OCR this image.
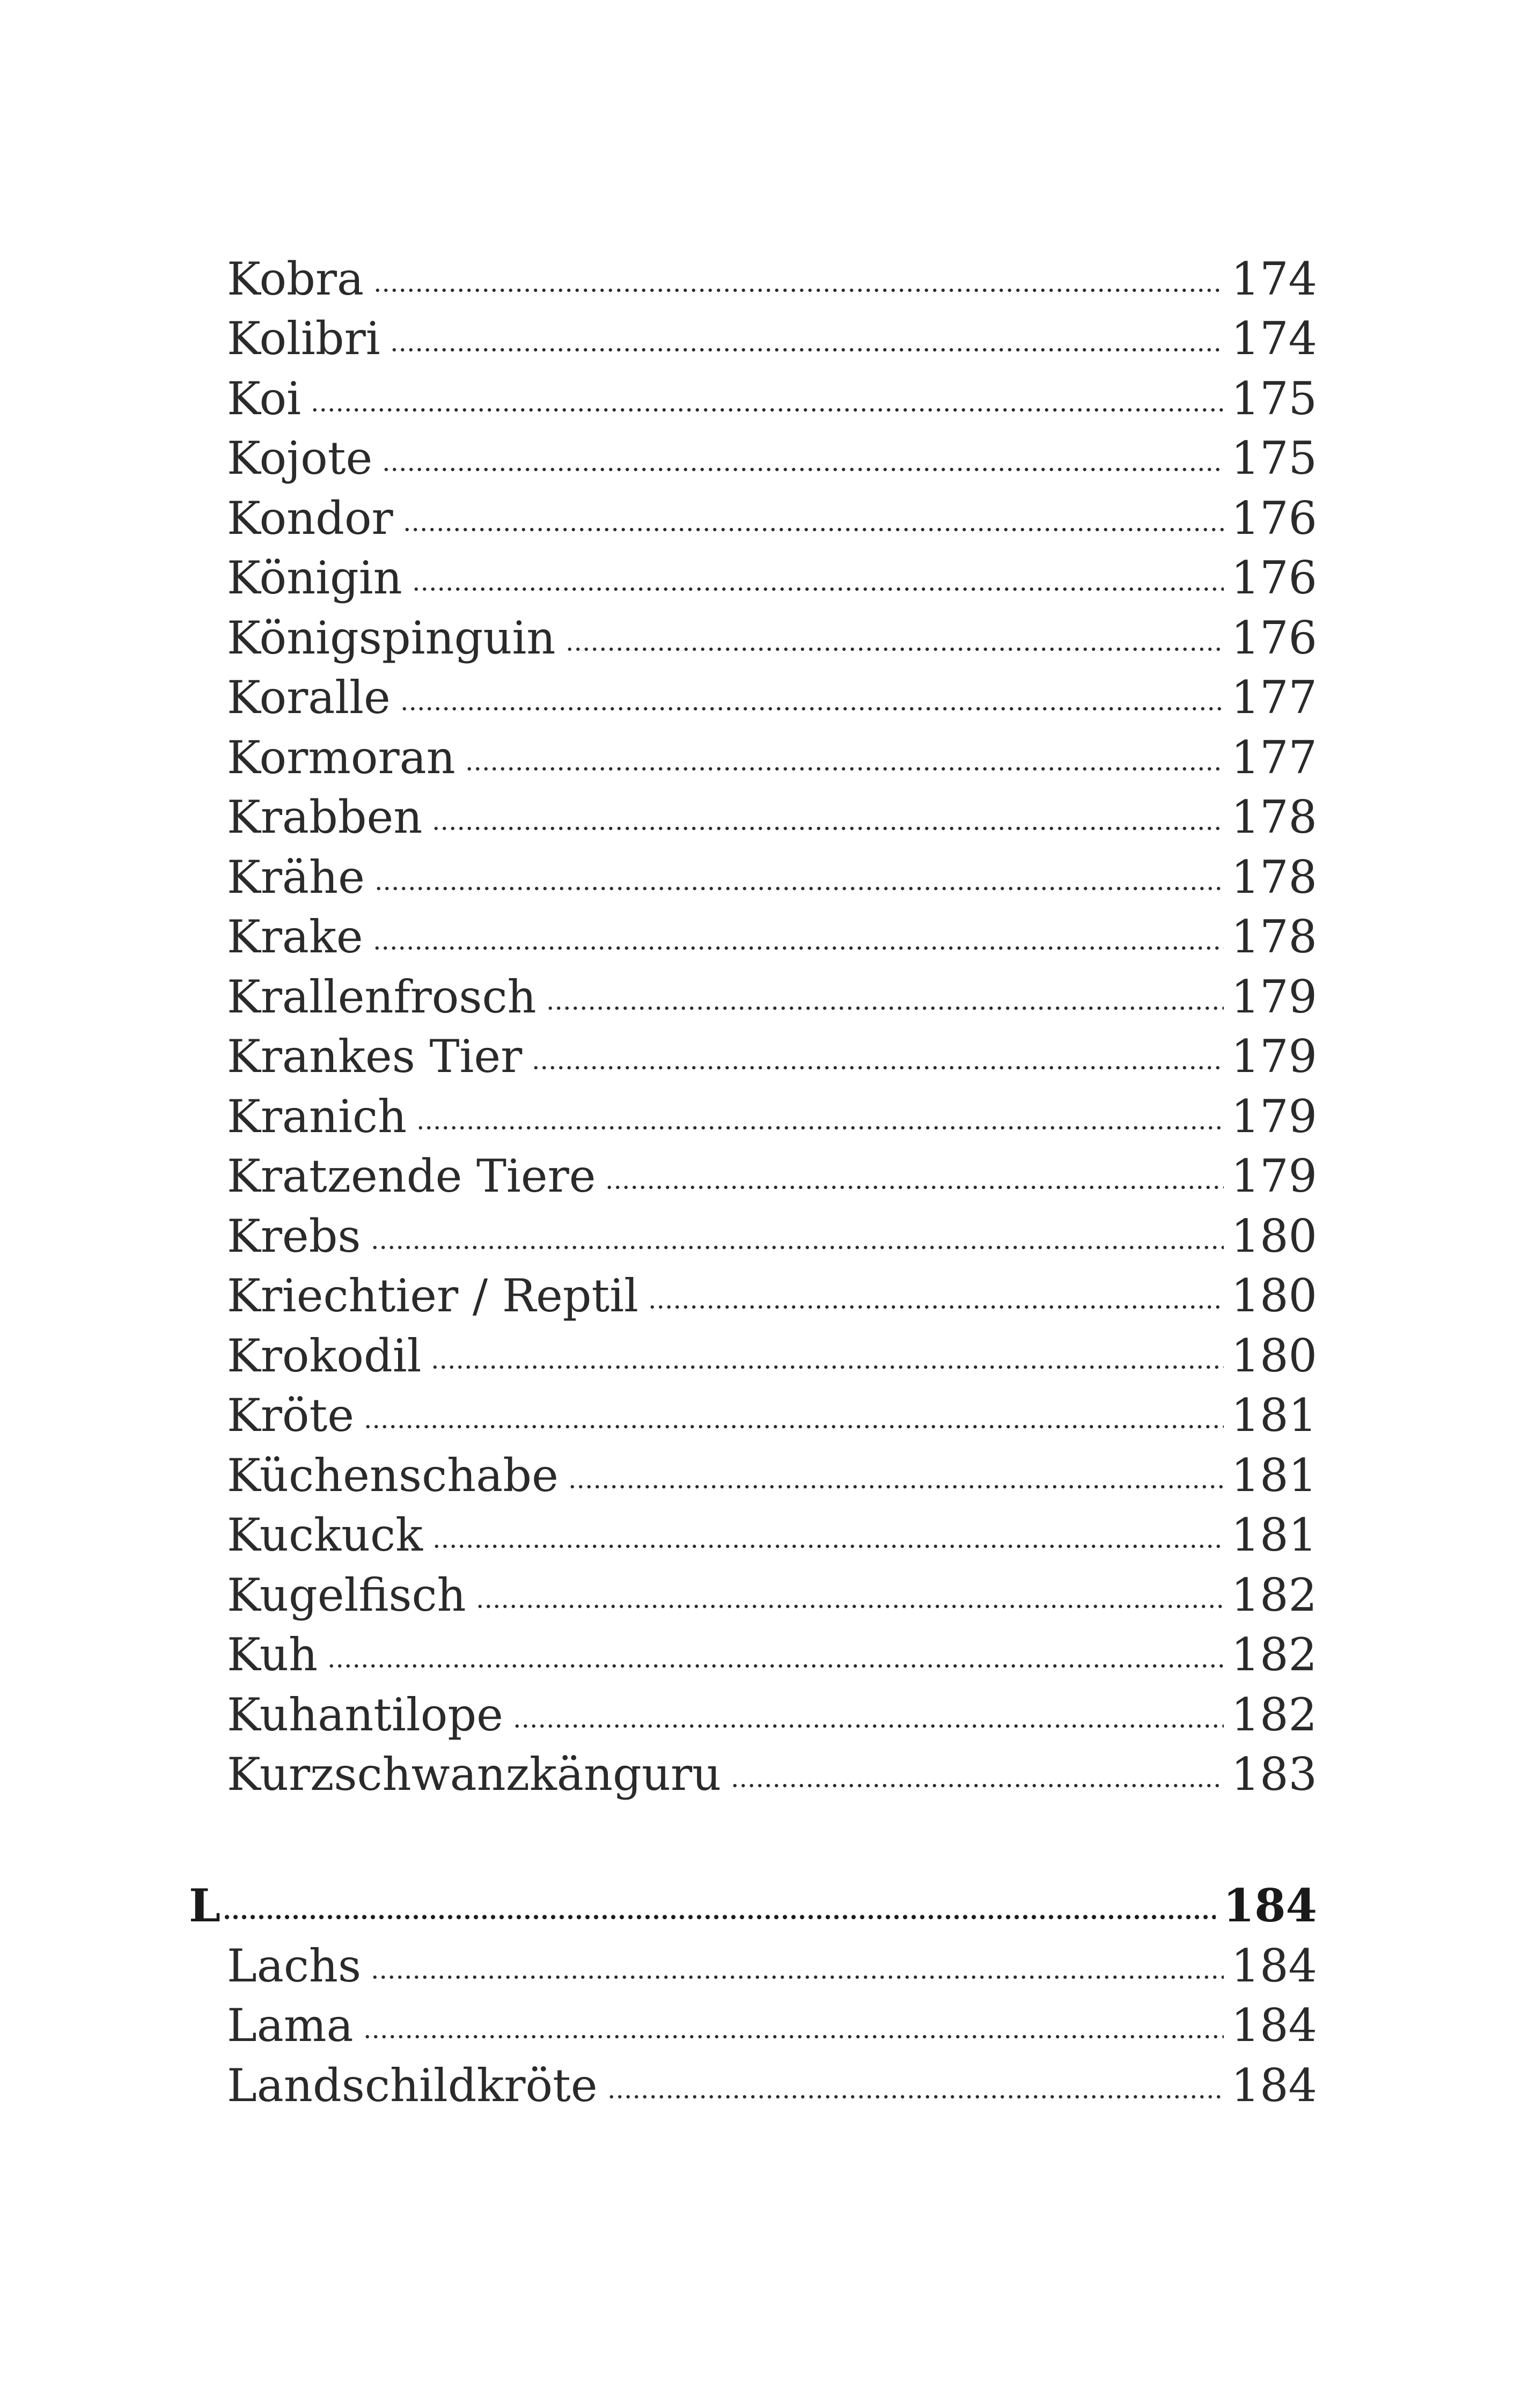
Kobra	174
Kolibri	174
Koi	175
Kojote	175
Kondor	176
Königin	176
Königspinguin	176
Koralle	177
Kormoran	177
Krabben	178
Krähe	178
Krake	178
Krallenfrosch	179
Krankes Tier	179
Kranich	179
Kratzende Tiere	179
Krebs	180
Kriechtier / Reptil	180
Krokodil	180
Kröte	181
Küchenschabe	181
Kuckuck	181
Kugelfisch	182
Kuh	182
Kuhantilope	182
Kurzschwanzkänguru	183
L	184
Lachs	184
Lama	184
Landschildkröte	184
